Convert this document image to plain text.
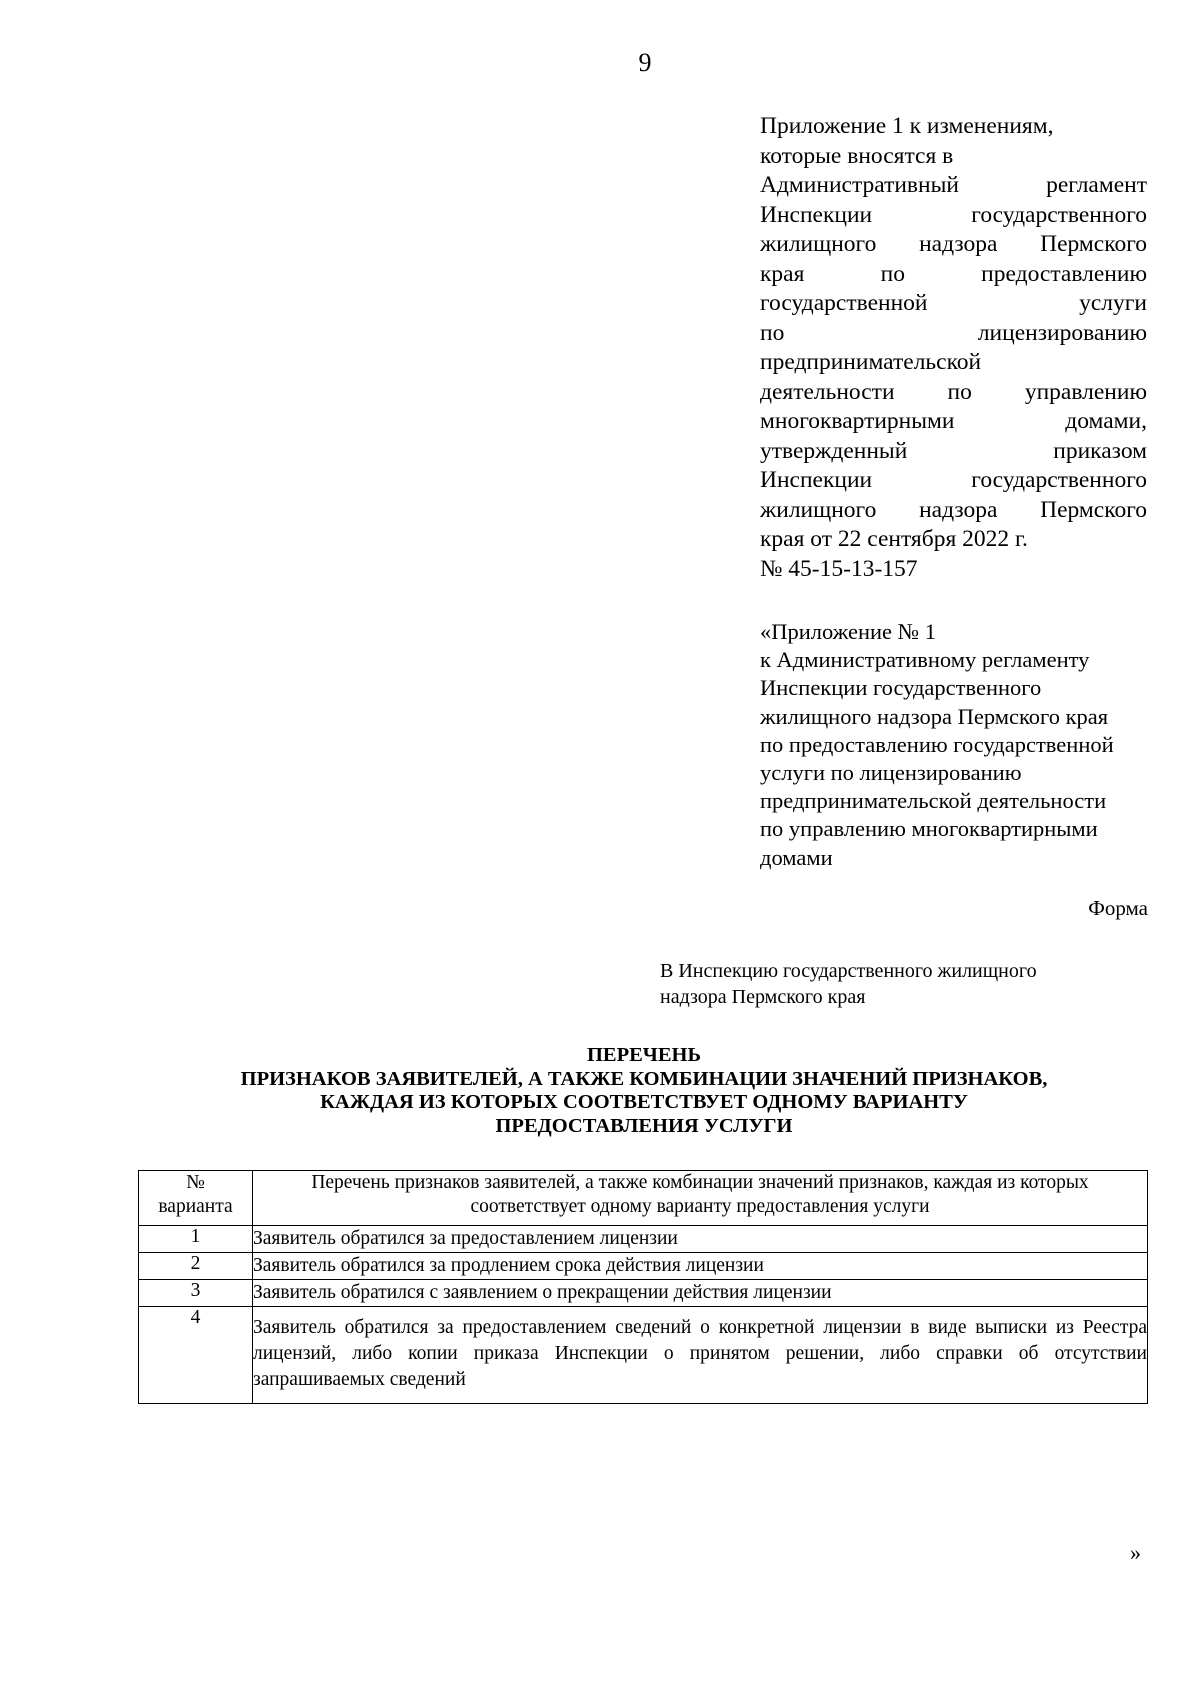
9
Приложение 1 к изменениям,
которые вносятся в
Административный регламент
Инспекции государственного
жилищного надзора Пермского
края по предоставлению
государственной услуги
по лицензированию
предпринимательской
деятельности по управлению
многоквартирными домами,
утвержденный приказом
Инспекции государственного
жилищного надзора Пермского
края от 22 сентября 2022 г.
№ 45-15-13-157
«Приложение № 1
к Административному регламенту
Инспекции государственного
жилищного надзора Пермского края
по предоставлению государственной
услуги по лицензированию
предпринимательской деятельности
по управлению многоквартирными
домами
Форма
В Инспекцию государственного жилищного
надзора Пермского края
ПЕРЕЧЕНЬ
ПРИЗНАКОВ ЗАЯВИТЕЛЕЙ, А ТАКЖЕ КОМБИНАЦИИ ЗНАЧЕНИЙ ПРИЗНАКОВ,
КАЖДАЯ ИЗ КОТОРЫХ СООТВЕТСТВУЕТ ОДНОМУ ВАРИАНТУ
ПРЕДОСТАВЛЕНИЯ УСЛУГИ
№
варианта	Перечень признаков заявителей, а также комбинации значений признаков, каждая из которых соответствует одному варианту предоставления услуги
1	Заявитель обратился за предоставлением лицензии
2	Заявитель обратился за продлением срока действия лицензии
3	Заявитель обратился с заявлением о прекращении действия лицензии
4	Заявитель обратился за предоставлением сведений о конкретной лицензии в виде выписки из Реестра лицензий, либо копии приказа Инспекции о принятом решении, либо справки об отсутствии запрашиваемых сведений
»
